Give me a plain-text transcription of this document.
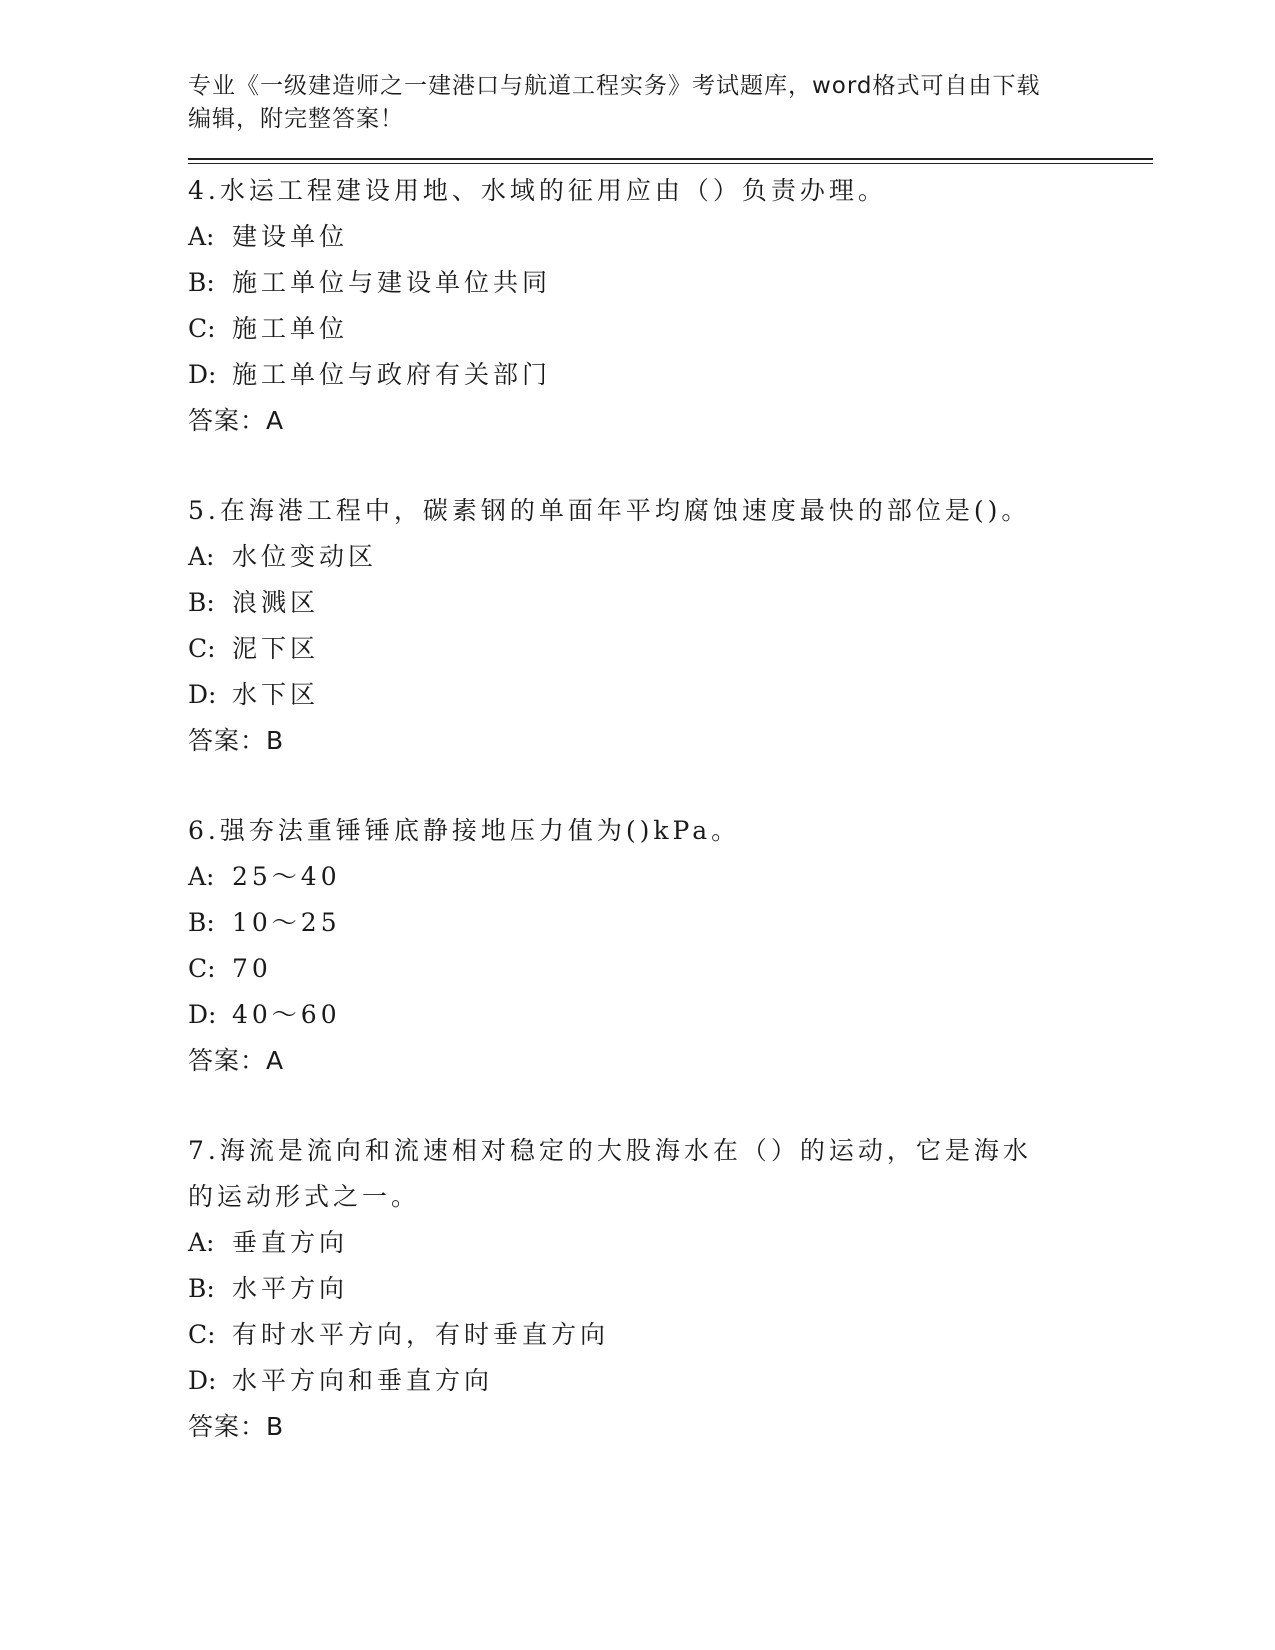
专业《一级建造师之一建港口与航道工程实务》考试题库，word格式可自由下载
编辑，附完整答案！

4.水运工程建设用地、水域的征用应由（）负责办理。

A: 建设单位

B: 施工单位与建设单位共同

C: 施工单位

D: 施工单位与政府有关部门

答案：A

5.在海港工程中，碳素钢的单面年平均腐蚀速度最快的部位是()。

A: 水位变动区

B: 浪溅区

C: 泥下区

D: 水下区

答案：B

6.强夯法重锤锤底静接地压力值为()kPa。

A: 25～40

B: 10～25

C: 70

D: 40～60

答案：A

7.海流是流向和流速相对稳定的大股海水在（）的运动，它是海水的运动形式之一。

A: 垂直方向

B: 水平方向

C: 有时水平方向，有时垂直方向

D: 水平方向和垂直方向

答案：B
